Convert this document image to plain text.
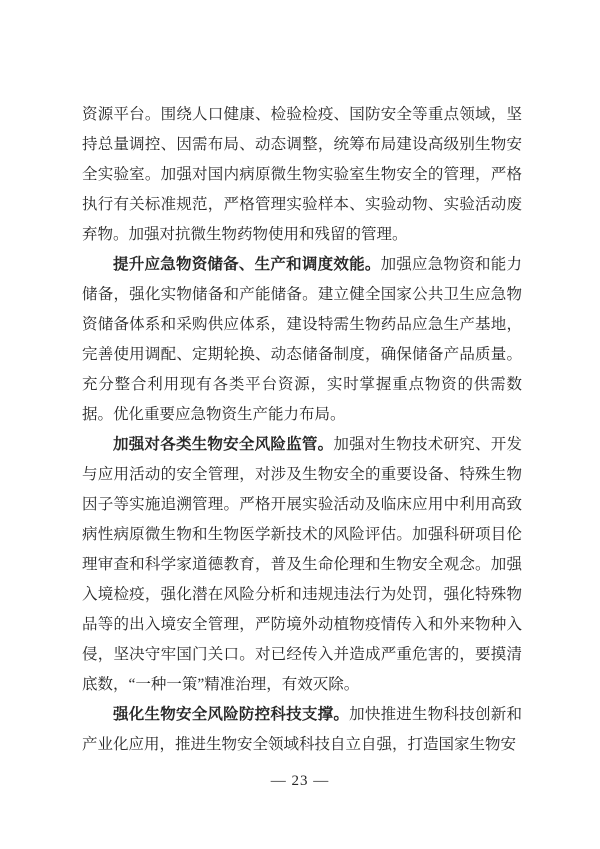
资源平台。围绕人口健康、检验检疫、国防安全等重点领域，坚持总量调控、因需布局、动态调整，统筹布局建设高级别生物安全实验室。加强对国内病原微生物实验室生物安全的管理，严格执行有关标准规范，严格管理实验样本、实验动物、实验活动废弃物。加强对抗微生物药物使用和残留的管理。

提升应急物资储备、生产和调度效能。加强应急物资和能力储备，强化实物储备和产能储备。建立健全国家公共卫生应急物资储备体系和采购供应体系，建设特需生物药品应急生产基地，完善使用调配、定期轮换、动态储备制度，确保储备产品质量。充分整合利用现有各类平台资源，实时掌握重点物资的供需数据。优化重要应急物资生产能力布局。

加强对各类生物安全风险监管。加强对生物技术研究、开发与应用活动的安全管理，对涉及生物安全的重要设备、特殊生物因子等实施追溯管理。严格开展实验活动及临床应用中利用高致病性病原微生物和生物医学新技术的风险评估。加强科研项目伦理审查和科学家道德教育，普及生命伦理和生物安全观念。加强入境检疫，强化潜在风险分析和违规违法行为处罚，强化特殊物品等的出入境安全管理，严防境外动植物疫情传入和外来物种入侵，坚决守牢国门关口。对已经传入并造成严重危害的，要摸清底数，“一种一策”精准治理，有效灭除。

强化生物安全风险防控科技支撑。加快推进生物科技创新和产业化应用，推进生物安全领域科技自立自强，打造国家生物安

— 23 —
